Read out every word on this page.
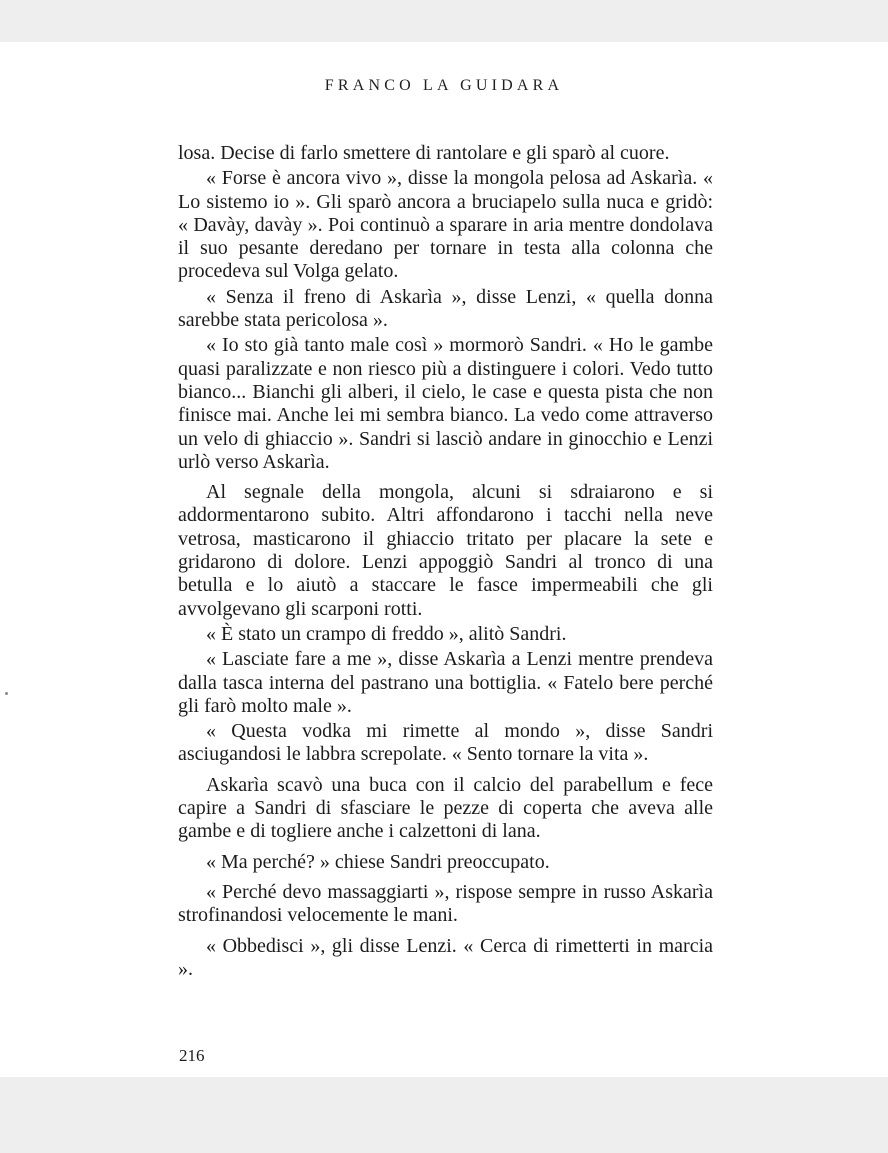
FRANCO LA GUIDARA

losa. Decise di farlo smettere di rantolare e gli sparò al cuore.

« Forse è ancora vivo », disse la mongola pelosa ad Askarìa. « Lo sistemo io ». Gli sparò ancora a bruciapelo sulla nuca e gridò: « Davày, davày ». Poi continuò a sparare in aria mentre dondolava il suo pesante deredano per tornare in testa alla colonna che procedeva sul Volga gelato.

« Senza il freno di Askarìa », disse Lenzi, « quella donna sarebbe stata pericolosa ».

« Io sto già tanto male così » mormorò Sandri. « Ho le gambe quasi paralizzate e non riesco più a distinguere i colori. Vedo tutto bianco... Bianchi gli alberi, il cielo, le case e questa pista che non finisce mai. Anche lei mi sembra bianco. La vedo come attraverso un velo di ghiaccio ». Sandri si lasciò andare in ginocchio e Lenzi urlò verso Askarìa.

Al segnale della mongola, alcuni si sdraiarono e si addormentarono subito. Altri affondarono i tacchi nella neve vetrosa, masticarono il ghiaccio tritato per placare la sete e gridarono di dolore. Lenzi appoggiò Sandri al tronco di una betulla e lo aiutò a staccare le fasce impermeabili che gli avvolgevano gli scarponi rotti.

« È stato un crampo di freddo », alitò Sandri.

« Lasciate fare a me », disse Askarìa a Lenzi mentre prendeva dalla tasca interna del pastrano una bottiglia. « Fatelo bere perché gli farò molto male ».

« Questa vodka mi rimette al mondo », disse Sandri asciugandosi le labbra screpolate. « Sento tornare la vita ».

Askarìa scavò una buca con il calcio del parabellum e fece capire a Sandri di sfasciare le pezze di coperta che aveva alle gambe e di togliere anche i calzettoni di lana.

« Ma perché? » chiese Sandri preoccupato.

« Perché devo massaggiarti », rispose sempre in russo Askarìa strofinandosi velocemente le mani.

« Obbedisci », gli disse Lenzi. « Cerca di rimetterti in marcia ».

216
